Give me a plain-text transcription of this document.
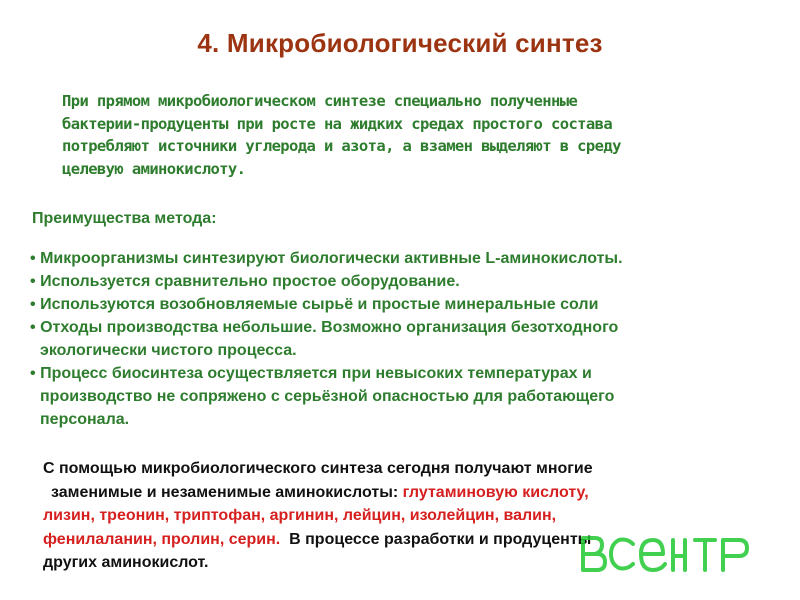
4. Микробиологический синтез
При прямом микробиологическом синтезе специально полученные
бактерии-продуценты при росте на жидких средах простого состава
потребляют источники углерода и азота, а взамен выделяют в среду
целевую аминокислоту.
Преимущества метода:
• Микроорганизмы синтезируют биологически активные L-аминокислоты.
• Используется сравнительно простое оборудование.
• Используются возобновляемые сырьё и простые минеральные соли
• Отходы производства небольшие. Возможно организация безотходного
экологически чистого процесса.
• Процесс биосинтеза осуществляется при невысоких температурах и
производство не сопряжено с серьёзной опасностью для работающего
персонала.
С помощью микробиологического синтеза сегодня получают многие
заменимые и незаменимые аминокислоты: глутаминовую кислоту,
лизин, треонин, триптофан, аргинин, лейцин, изолейцин, валин,
фенилаланин, пролин, серин.  В процессе разработки и продуценты
других аминокислот.
